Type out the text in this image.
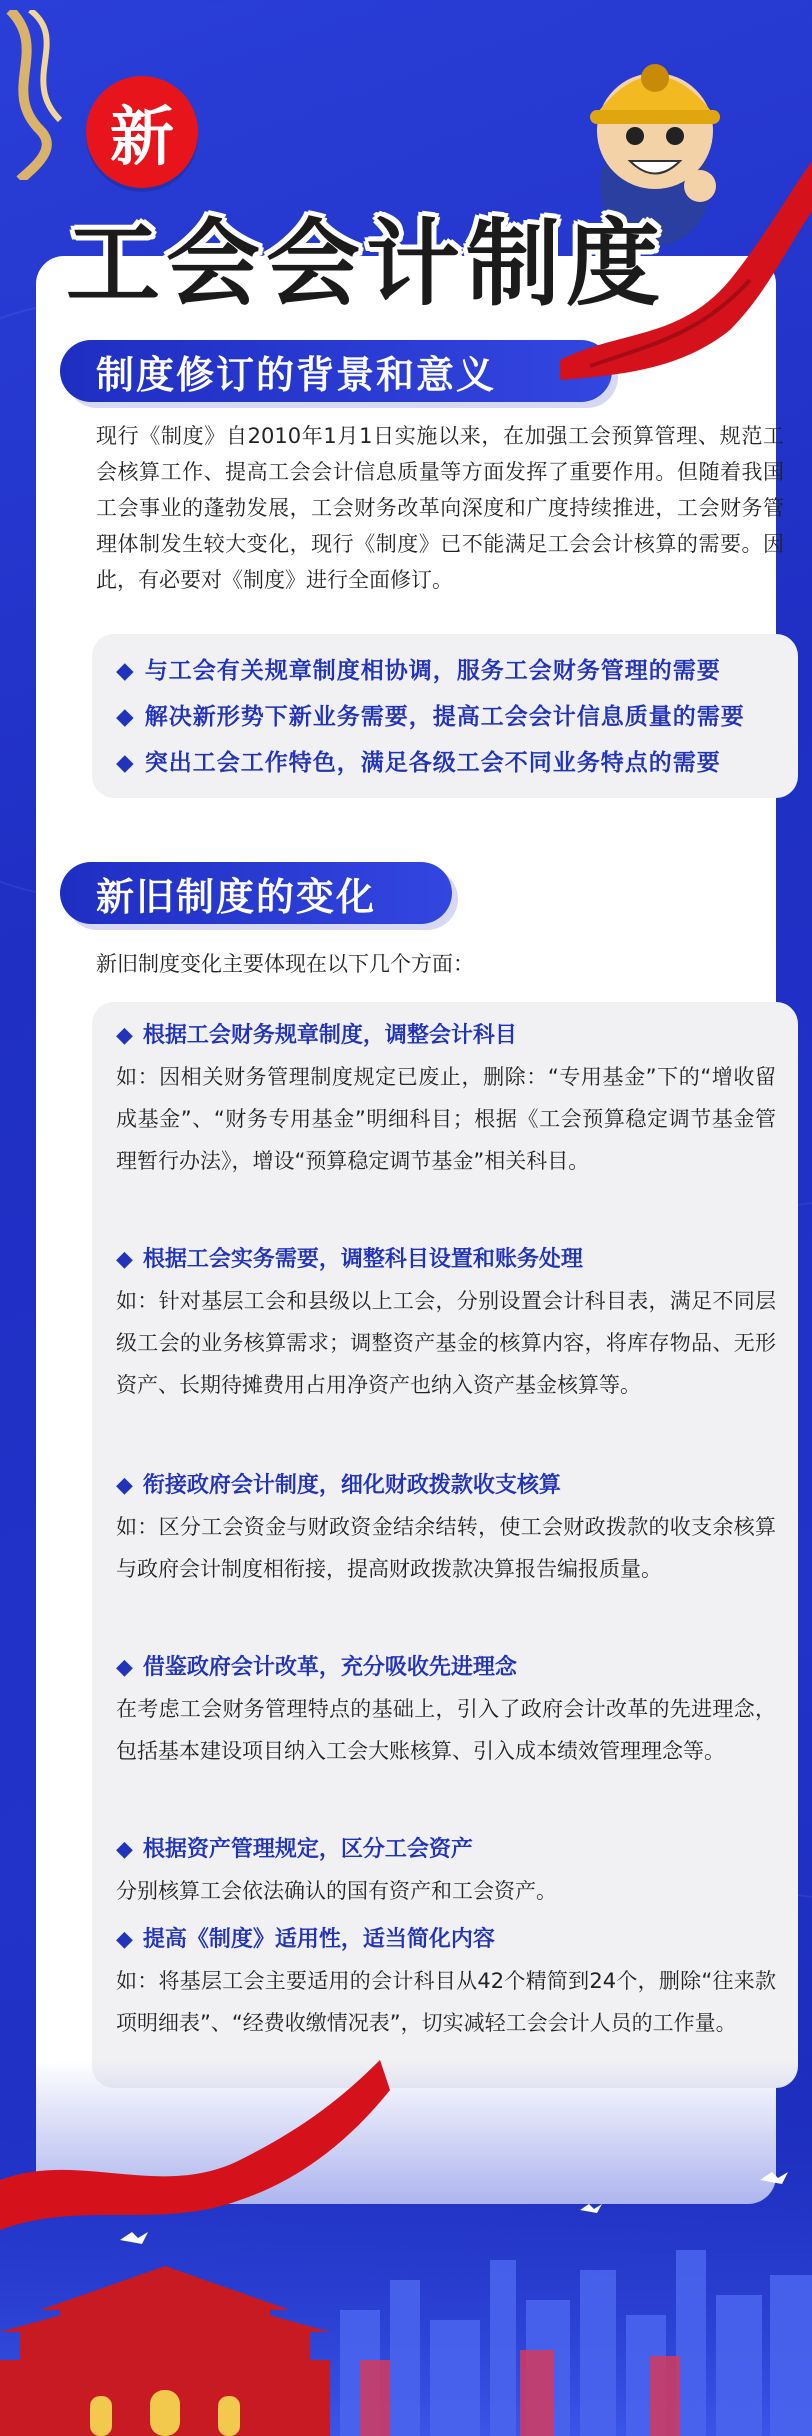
新
工会会计制度
制度修订的背景和意义
现行《制度》自2010年1月1日实施以来，在加强工会预算管理、规范工会核算工作、提高工会会计信息质量等方面发挥了重要作用。但随着我国工会事业的蓬勃发展，工会财务改革向深度和广度持续推进，工会财务管理体制发生较大变化，现行《制度》已不能满足工会会计核算的需要。因此，有必要对《制度》进行全面修订。
◆ 与工会有关规章制度相协调，服务工会财务管理的需要
◆ 解决新形势下新业务需要，提高工会会计信息质量的需要
◆ 突出工会工作特色，满足各级工会不同业务特点的需要
新旧制度的变化
新旧制度变化主要体现在以下几个方面：
◆ 根据工会财务规章制度，调整会计科目
如：因相关财务管理制度规定已废止，删除：“专用基金”下的“增收留成基金”、“财务专用基金”明细科目；根据《工会预算稳定调节基金管理暂行办法》，增设“预算稳定调节基金”相关科目。
◆ 根据工会实务需要，调整科目设置和账务处理
如：针对基层工会和县级以上工会，分别设置会计科目表，满足不同层级工会的业务核算需求；调整资产基金的核算内容，将库存物品、无形资产、长期待摊费用占用净资产也纳入资产基金核算等。
◆ 衔接政府会计制度，细化财政拨款收支核算
如：区分工会资金与财政资金结余结转，使工会财政拨款的收支余核算与政府会计制度相衔接，提高财政拨款决算报告编报质量。
◆ 借鉴政府会计改革，充分吸收先进理念
在考虑工会财务管理特点的基础上，引入了政府会计改革的先进理念，包括基本建设项目纳入工会大账核算、引入成本绩效管理理念等。
◆ 根据资产管理规定，区分工会资产
分别核算工会依法确认的国有资产和工会资产。
◆ 提高《制度》适用性，适当简化内容
如：将基层工会主要适用的会计科目从42个精简到24个，删除“往来款项明细表”、“经费收缴情况表”，切实减轻工会会计人员的工作量。
